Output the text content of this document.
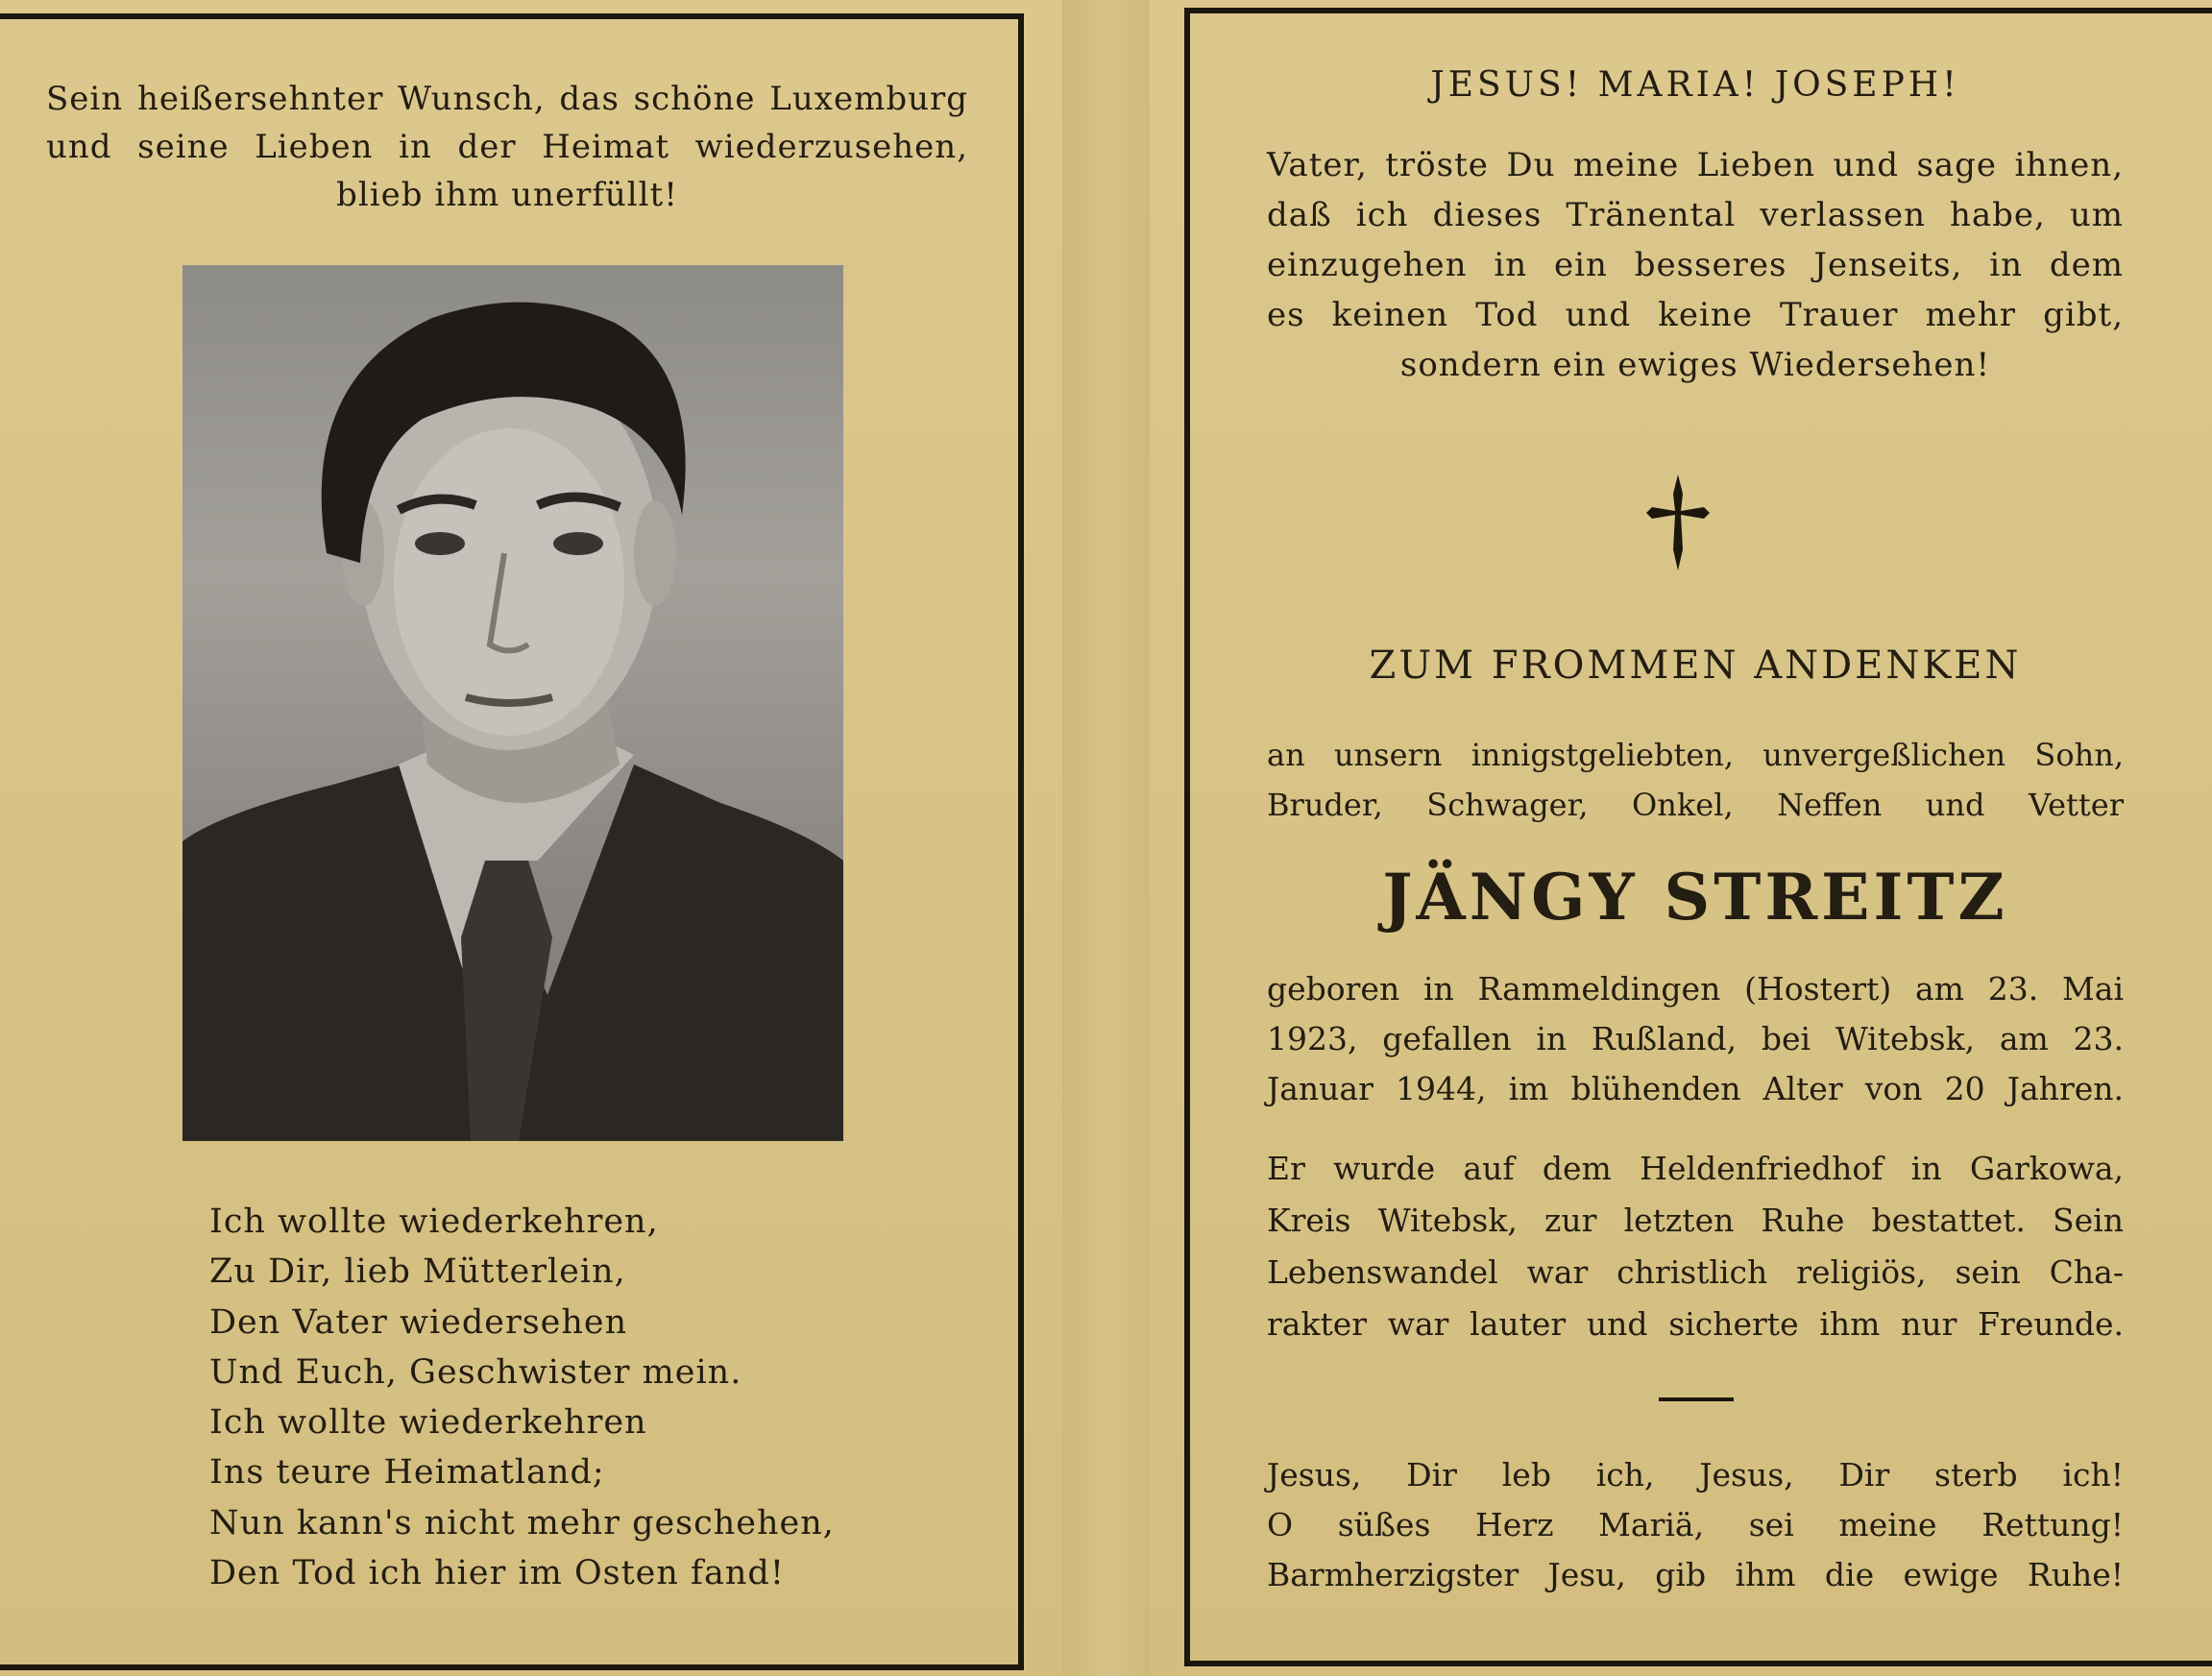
Sein heißersehnter Wunsch, das schöne Luxemburg
und seine Lieben in der Heimat wiederzusehen,
blieb ihm unerfüllt!
Ich wollte wiederkehren,
Zu Dir, lieb Mütterlein,
Den Vater wiedersehen
Und Euch, Geschwister mein.
Ich wollte wiederkehren
Ins teure Heimatland;
Nun kann's nicht mehr geschehen,
Den Tod ich hier im Osten fand!
JESUS! MARIA! JOSEPH!
Vater, tröste Du meine Lieben und sage ihnen,
daß ich dieses Tränental verlassen habe, um
einzugehen in ein besseres Jenseits, in dem
es keinen Tod und keine Trauer mehr gibt,
sondern ein ewiges Wiedersehen!
ZUM FROMMEN ANDENKEN
an unsern innigstgeliebten, unvergeßlichen Sohn,
Bruder, Schwager, Onkel, Neffen und Vetter
JÄNGY STREITZ
geboren in Rammeldingen (Hostert) am 23. Mai
1923, gefallen in Rußland, bei Witebsk, am 23.
Januar 1944, im blühenden Alter von 20 Jahren.
Er wurde auf dem Heldenfriedhof in Garkowa,
Kreis Witebsk, zur letzten Ruhe bestattet. Sein
Lebenswandel war christlich religiös, sein Cha-
rakter war lauter und sicherte ihm nur Freunde.
Jesus, Dir leb ich, Jesus, Dir sterb ich!
O süßes Herz Mariä, sei meine Rettung!
Barmherzigster Jesu, gib ihm die ewige Ruhe!
